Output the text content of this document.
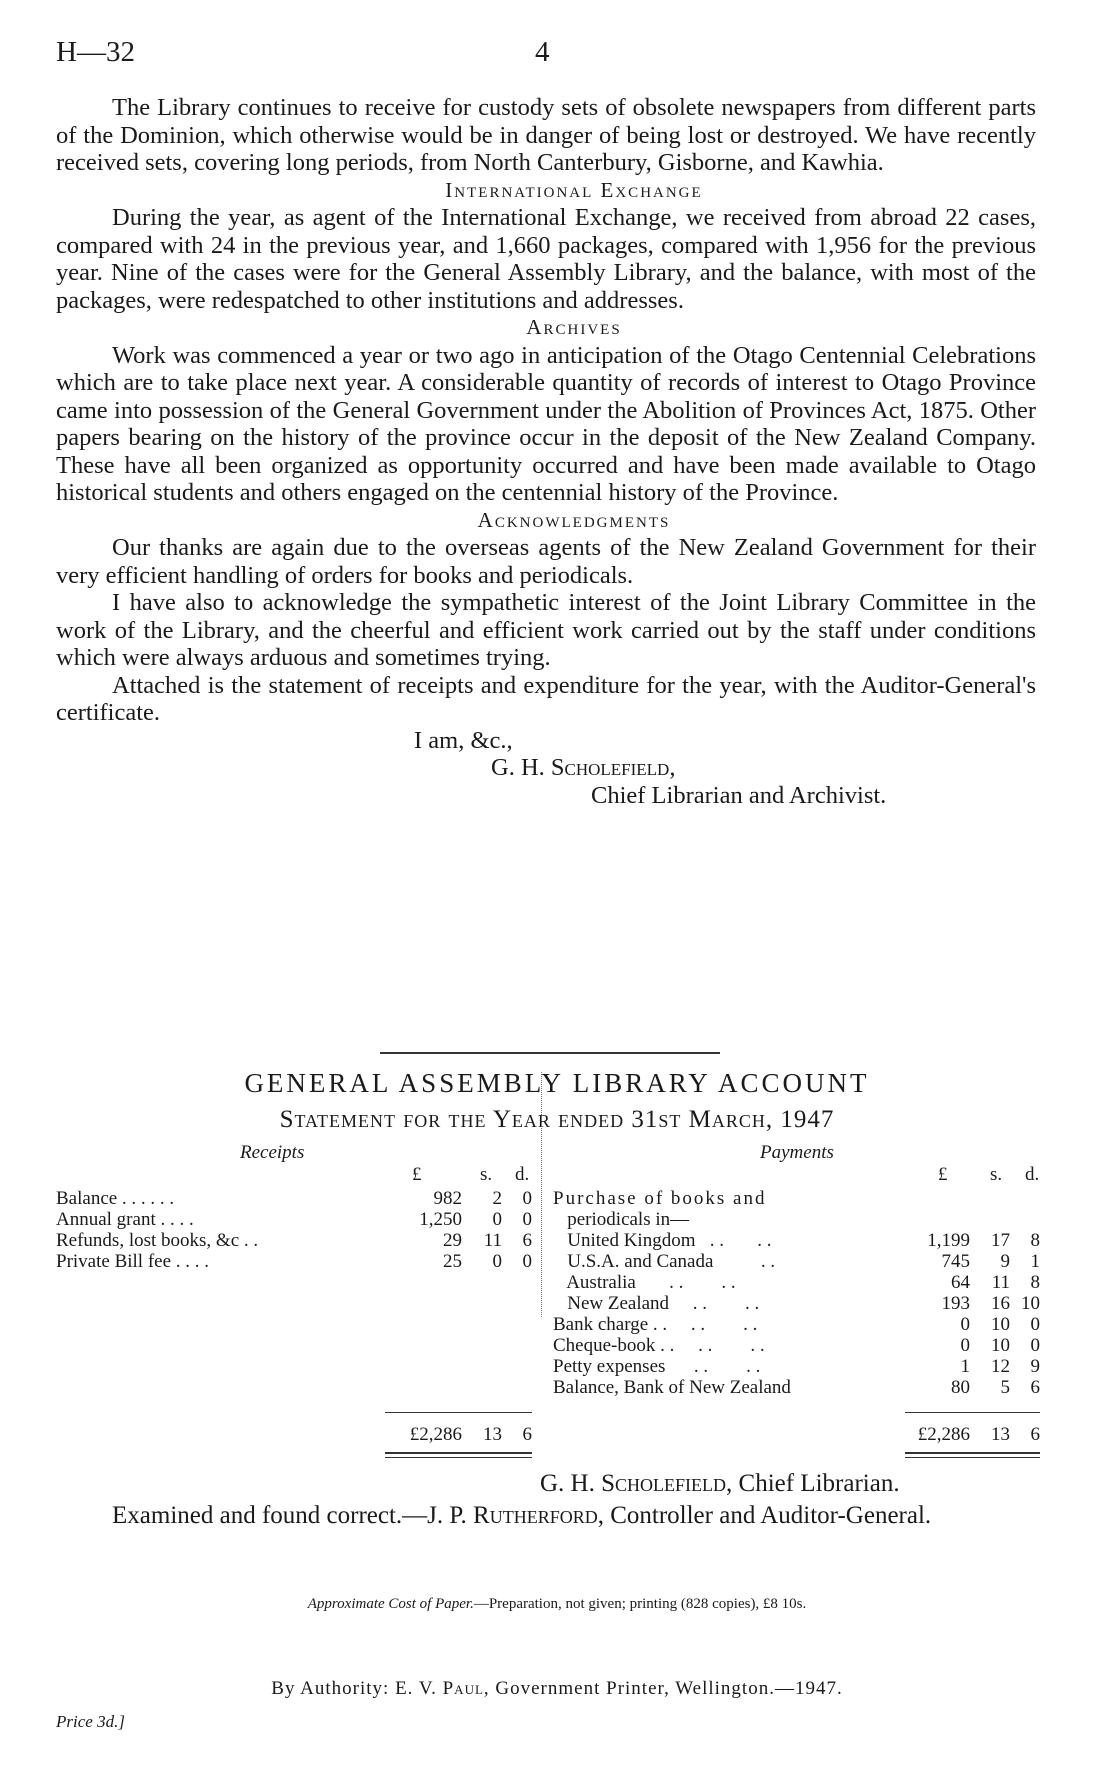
H—32	4

The Library continues to receive for custody sets of obsolete newspapers from different parts of the Dominion, which otherwise would be in danger of being lost or destroyed. We have recently received sets, covering long periods, from North Canterbury, Gisborne, and Kawhia.

International Exchange

During the year, as agent of the International Exchange, we received from abroad 22 cases, compared with 24 in the previous year, and 1,660 packages, compared with 1,956 for the previous year. Nine of the cases were for the General Assembly Library, and the balance, with most of the packages, were redespatched to other institutions and addresses.

Archives

Work was commenced a year or two ago in anticipation of the Otago Centennial Celebrations which are to take place next year. A considerable quantity of records of interest to Otago Province came into possession of the General Government under the Abolition of Provinces Act, 1875. Other papers bearing on the history of the province occur in the deposit of the New Zealand Company. These have all been organized as opportunity occurred and have been made available to Otago historical students and others engaged on the centennial history of the Province.

Acknowledgments

Our thanks are again due to the overseas agents of the New Zealand Government for their very efficient handling of orders for books and periodicals.

I have also to acknowledge the sympathetic interest of the Joint Library Committee in the work of the Library, and the cheerful and efficient work carried out by the staff under conditions which were always arduous and sometimes trying.

Attached is the statement of receipts and expenditure for the year, with the Auditor-General's certificate.

I am, &c.,
G. H. Scholefield,
Chief Librarian and Archivist.
GENERAL ASSEMBLY LIBRARY ACCOUNT
Statement for the Year ended 31st March, 1947
Receipts	Payments
£	s. d.	£ s. d.
Balance . . . . . .	982	2	0
Annual grant . . . .	1,250	0	0
Refunds, lost books, &c . .	29	11	6
Private Bill fee . . . .	25	0	0
Purchase of books and
periodicals in—
United Kingdom   . .       . .	1,199	17	8
U.S.A. and Canada          . .	745	9	1
Australia       . .        . .	64	11	8
New Zealand     . .        . .	193	16 10
Bank charge . .     . .        . .	0	10	0
Cheque-book . .     . .        . .	0	10	0
Petty expenses      . .        . .	1	12	9
Balance, Bank of New Zealand	80	5	6
£2,286	13	6	£2,286	13	6
G. H. Scholefield, Chief Librarian.
Examined and found correct.—J. P. Rutherford, Controller and Auditor-General.
Approximate Cost of Paper.—Preparation, not given; printing (828 copies), £8 10s.
By Authority: E. V. Paul, Government Printer, Wellington.—1947.
Price 3d.]
